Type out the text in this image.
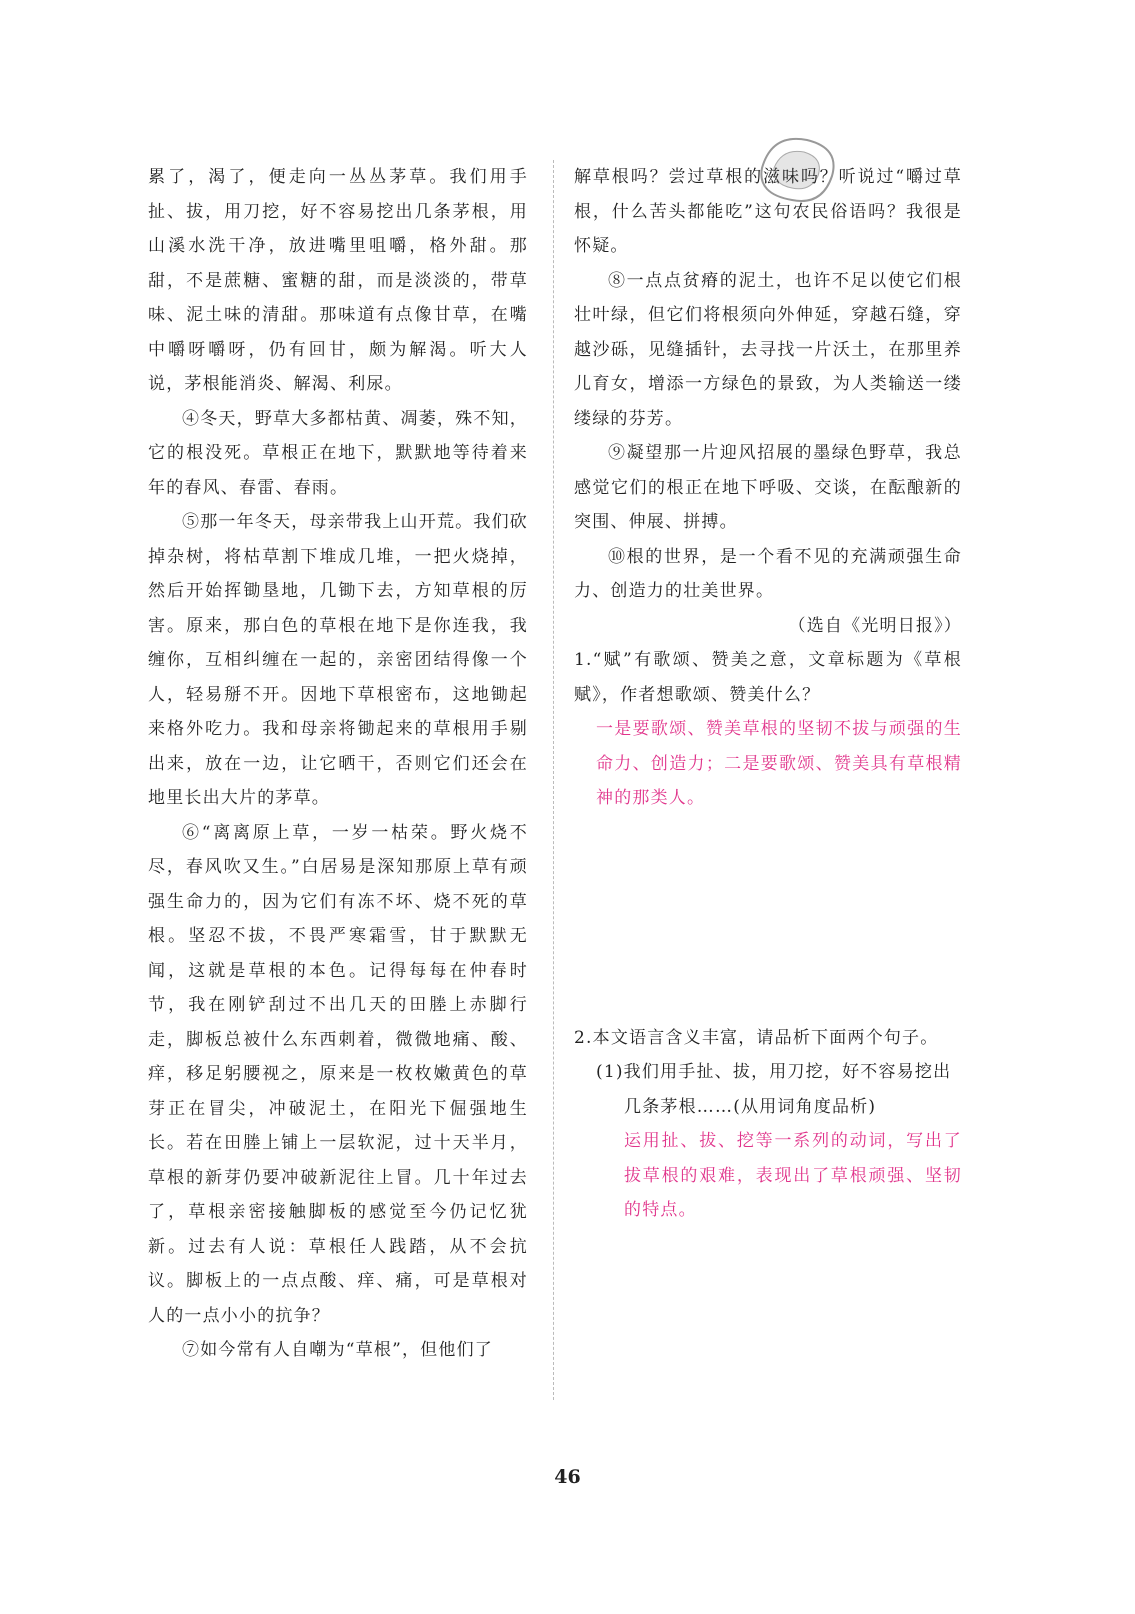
﻿

累了，渴了，便走向一丛丛茅草。我们用手扯、拔，用刀挖，好不容易挖出几条茅根，用山溪水洗干净，放进嘴里咀嚼，格外甜。那甜，不是蔗糖、蜜糖的甜，而是淡淡的，带草味、泥土味的清甜。那味道有点像甘草，在嘴中嚼呀嚼呀，仍有回甘，颇为解渴。听大人说，茅根能消炎、解渴、利尿。

④冬天，野草大多都枯黄、凋萎，殊不知，它的根没死。草根正在地下，默默地等待着来年的春风、春雷、春雨。

⑤那一年冬天，母亲带我上山开荒。我们砍掉杂树，将枯草割下堆成几堆，一把火烧掉，然后开始挥锄垦地，几锄下去，方知草根的厉害。原来，那白色的草根在地下是你连我，我缠你，互相纠缠在一起的，亲密团结得像一个人，轻易掰不开。因地下草根密布，这地锄起来格外吃力。我和母亲将锄起来的草根用手剔出来，放在一边，让它晒干，否则它们还会在地里长出大片的茅草。

⑥“离离原上草，一岁一枯荣。野火烧不尽，春风吹又生。”白居易是深知那原上草有顽强生命力的，因为它们有冻不坏、烧不死的草根。坚忍不拔，不畏严寒霜雪，甘于默默无闻，这就是草根的本色。记得每每在仲春时节，我在刚铲刮过不出几天的田塍上赤脚行走，脚板总被什么东西刺着，微微地痛、酸、痒，移足躬腰视之，原来是一枚枚嫩黄色的草芽正在冒尖，冲破泥土，在阳光下倔强地生长。若在田塍上铺上一层软泥，过十天半月，草根的新芽仍要冲破新泥往上冒。几十年过去了，草根亲密接触脚板的感觉至今仍记忆犹新。过去有人说：草根任人践踏，从不会抗议。脚板上的一点点酸、痒、痛，可是草根对人的一点小小的抗争？

⑦如今常有人自嘲为“草根”，但他们了

解草根吗？尝过草根的滋味吗？听说过“嚼过草根，什么苦头都能吃”这句农民俗语吗？我很是怀疑。

⑧一点点贫瘠的泥土，也许不足以使它们根壮叶绿，但它们将根须向外伸延，穿越石缝，穿越沙砾，见缝插针，去寻找一片沃土，在那里养儿育女，增添一方绿色的景致，为人类输送一缕缕绿的芬芳。

⑨凝望那一片迎风招展的墨绿色野草，我总感觉它们的根正在地下呼吸、交谈，在酝酿新的突围、伸展、拼搏。

⑩根的世界，是一个看不见的充满顽强生命力、创造力的壮美世界。

（选自《光明日报》）

1.“赋”有歌颂、赞美之意，文章标题为《草根赋》，作者想歌颂、赞美什么？

一是要歌颂、赞美草根的坚韧不拔与顽强的生命力、创造力；二是要歌颂、赞美具有草根精神的那类人。

2.本文语言含义丰富，请品析下面两个句子。

(1)我们用手扯、拔，用刀挖，好不容易挖出

几条茅根……(从用词角度品析)

运用扯、拔、挖等一系列的动词，写出了拔草根的艰难，表现出了草根顽强、坚韧的特点。

46
